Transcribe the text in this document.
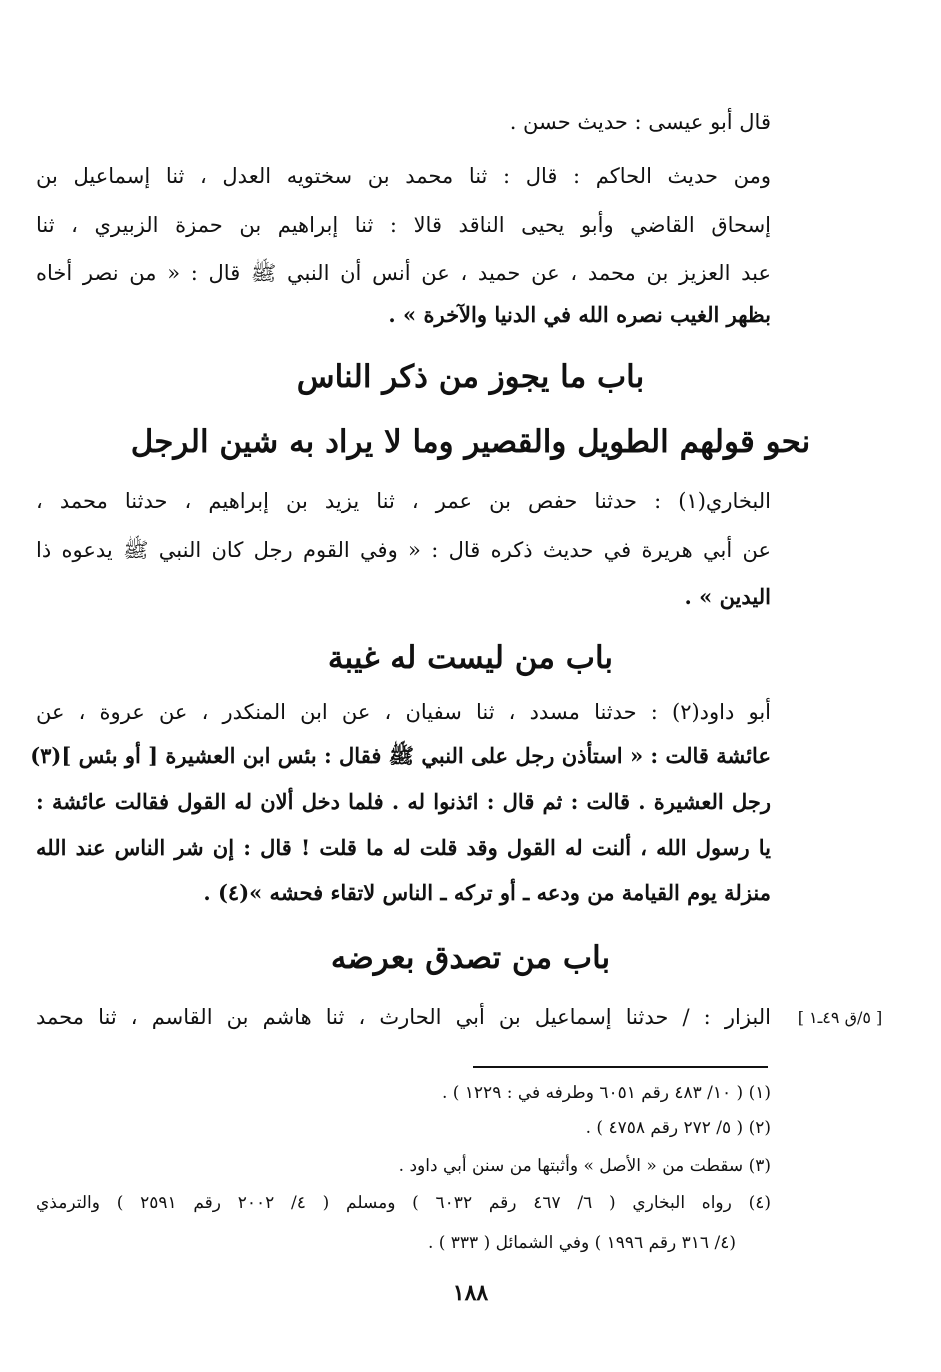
قال أبو عيسى : حديث حسن .
ومن حديث الحاكم : قال : ثنا محمد بن سختويه العدل ، ثنا إسماعيل بن
إسحاق القاضي وأبو يحيى الناقد قالا : ثنا إبراهيم بن حمزة الزبيري ، ثنا
عبد العزيز بن محمد ، عن حميد ، عن أنس أن النبي ﷺ قال : « من نصر أخاه
بظهر الغيب نصره الله في الدنيا والآخرة » .
باب ما يجوز من ذكر الناس
نحو قولهم الطويل والقصير وما لا يراد به شين الرجل
البخاري(١) : حدثنا حفص بن عمر ، ثنا يزيد بن إبراهيم ، حدثنا محمد ،
عن أبي هريرة في حديث ذكره قال : « وفي القوم رجل كان النبي ﷺ يدعوه ذا
اليدين » .
باب من ليست له غيبة
أبو داود(٢) : حدثنا مسدد ، ثنا سفيان ، عن ابن المنكدر ، عن عروة ، عن
عائشة قالت : « استأذن رجل على النبي ﷺ فقال : بئس ابن العشيرة [ أو بئس ](٣)
رجل العشيرة . قالت : ثم قال : ائذنوا له . فلما دخل ألان له القول فقالت عائشة :
يا رسول الله ، ألنت له القول وقد قلت له ما قلت ! قال : إن شر الناس عند الله
منزلة يوم القيامة من ودعه ـ أو تركه ـ الناس لاتقاء فحشه »(٤) .
باب من تصدق بعرضه
البزار : / حدثنا إسماعيل بن أبي الحارث ، ثنا هاشم بن القاسم ، ثنا محمد	[ ٥/ق ٤٩ـ١ ]
(١) ( ١٠/ ٤٨٣ رقم ٦٠٥١ وطرفه في : ١٢٢٩ ) .
(٢) ( ٥/ ٢٧٢ رقم ٤٧٥٨ ) .
(٣) سقطت من « الأصل » وأثبتها من سنن أبي داود .
(٤) رواه البخاري ( ٦/ ٤٦٧ رقم ٦٠٣٢ ) ومسلم ( ٤/ ٢٠٠٢ رقم ٢٥٩١ ) والترمذي
(٤/ ٣١٦ رقم ١٩٩٦ ) وفي الشمائل ( ٣٣٣ ) .
١٨٨
